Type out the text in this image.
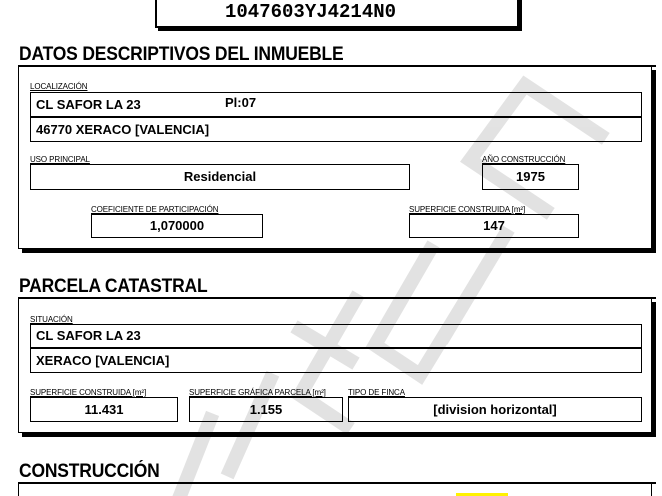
1047603YJ4214N0
DATOS DESCRIPTIVOS DEL INMUEBLE
LOCALIZACIÓN
CL SAFOR LA 23	Pl:07
46770 XERACO [VALENCIA]
USO PRINCIPAL
Residencial
AÑO CONSTRUCCIÓN
1975
COEFICIENTE DE PARTICIPACIÓN
1,070000
SUPERFICIE CONSTRUIDA [m²]
147
PARCELA CATASTRAL
SITUACIÓN
CL SAFOR LA 23
XERACO [VALENCIA]
SUPERFICIE CONSTRUIDA [m²]
11.431
SUPERFICIE GRÁFICA PARCELA [m²]
1.155
TIPO DE FINCA
[division horizontal]
CONSTRUCCIÓN
